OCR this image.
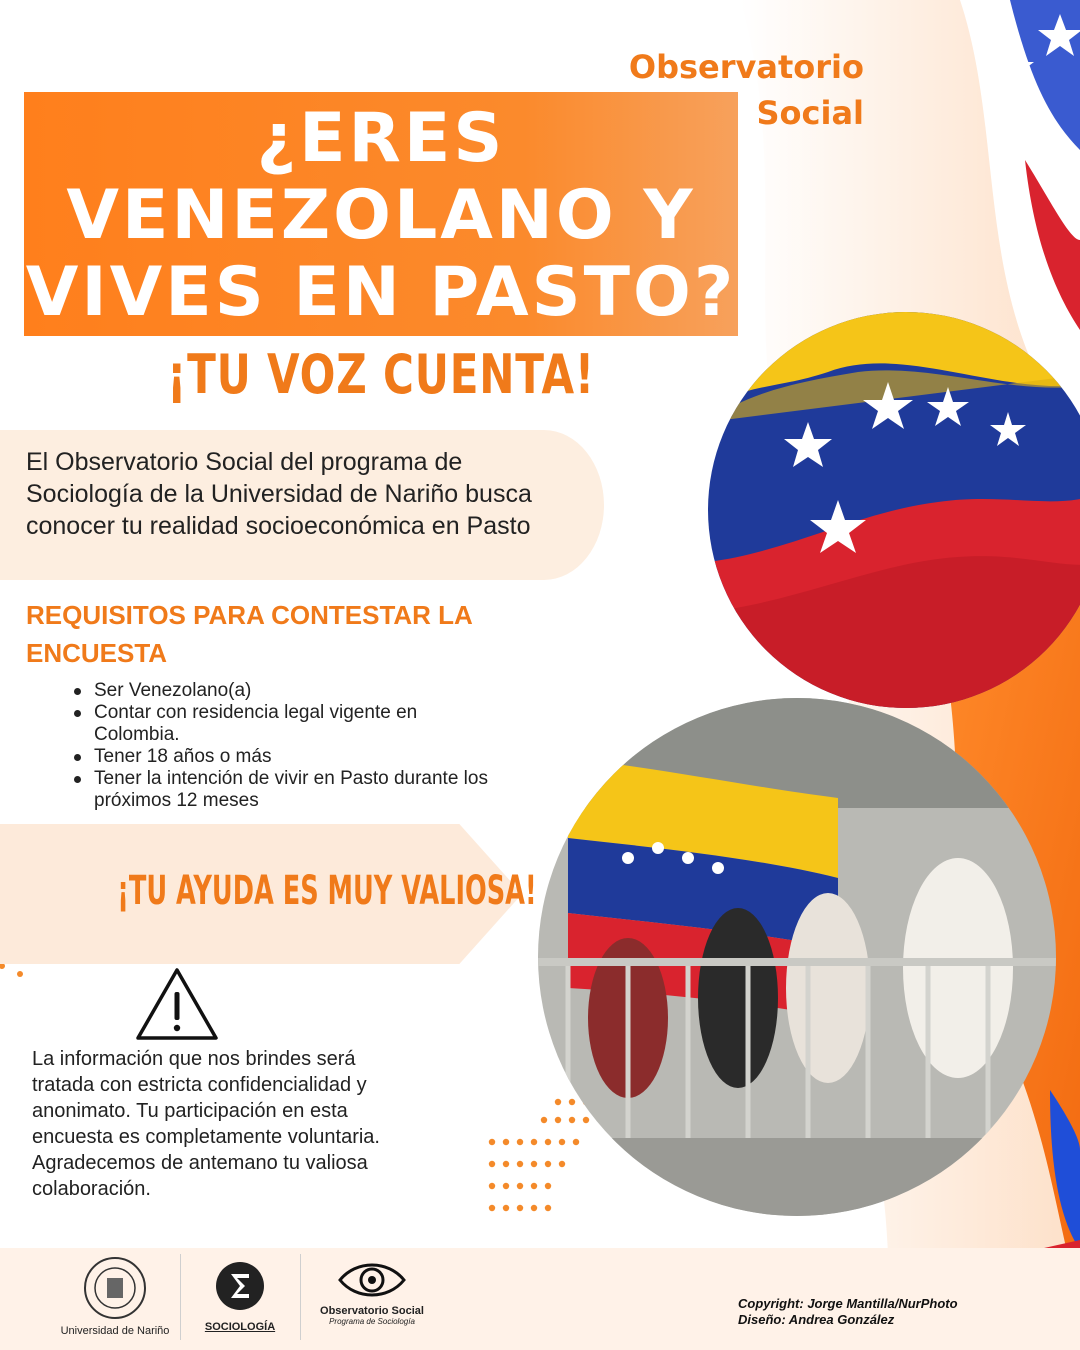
Observatorio
Social
¿ERES
VENEZOLANO Y
VIVES EN PASTO?
¡TU VOZ CUENTA!
El Observatorio Social del programa de Sociología de la Universidad de Nariño busca conocer tu realidad socioeconómica en Pasto
REQUISITOS PARA CONTESTAR LA ENCUESTA
Ser Venezolano(a)
Contar con residencia legal vigente en Colombia.
Tener 18 años o más
Tener la intención de vivir en Pasto durante los próximos 12 meses
¡TU AYUDA ES MUY VALIOSA!
La información que nos brindes será tratada con estricta confidencialidad y anonimato. Tu participación en esta encuesta es completamente voluntaria. Agradecemos de antemano tu valiosa colaboración.
Universidad de Nariño	SOCIOLOGÍA
Observatorio Social
Programa de Sociología
Copyright: Jorge Mantilla/NurPhoto
Diseño: Andrea González
